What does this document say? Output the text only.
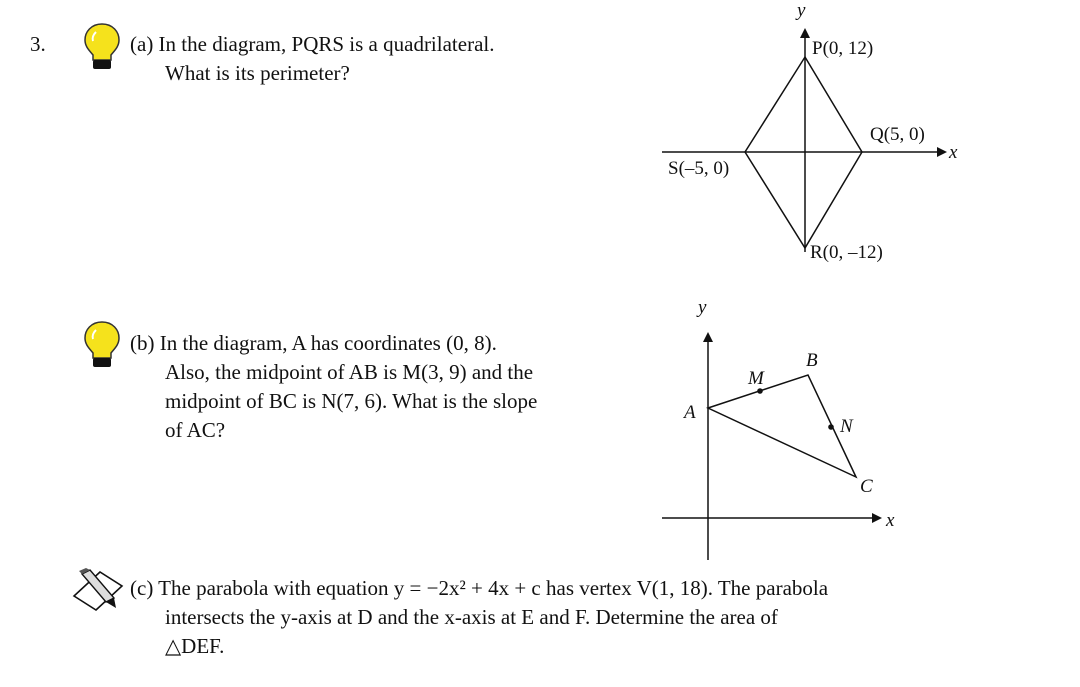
3.	(a) In the diagram, PQRS is a quadrilateral.
What is its perimeter?
y
x
P(0, 12)
Q(5, 0)
R(0, –12)
S(–5, 0)
y
x
A
B
C
M
N
(b) In the diagram, A has coordinates (0, 8).
Also, the midpoint of AB is M(3, 9) and the
midpoint of BC is N(7, 6). What is the slope
of AC?
(c) The parabola with equation y = −2x² + 4x + c has vertex V(1, 18). The parabola
intersects the y-axis at D and the x-axis at E and F. Determine the area of
△DEF.
